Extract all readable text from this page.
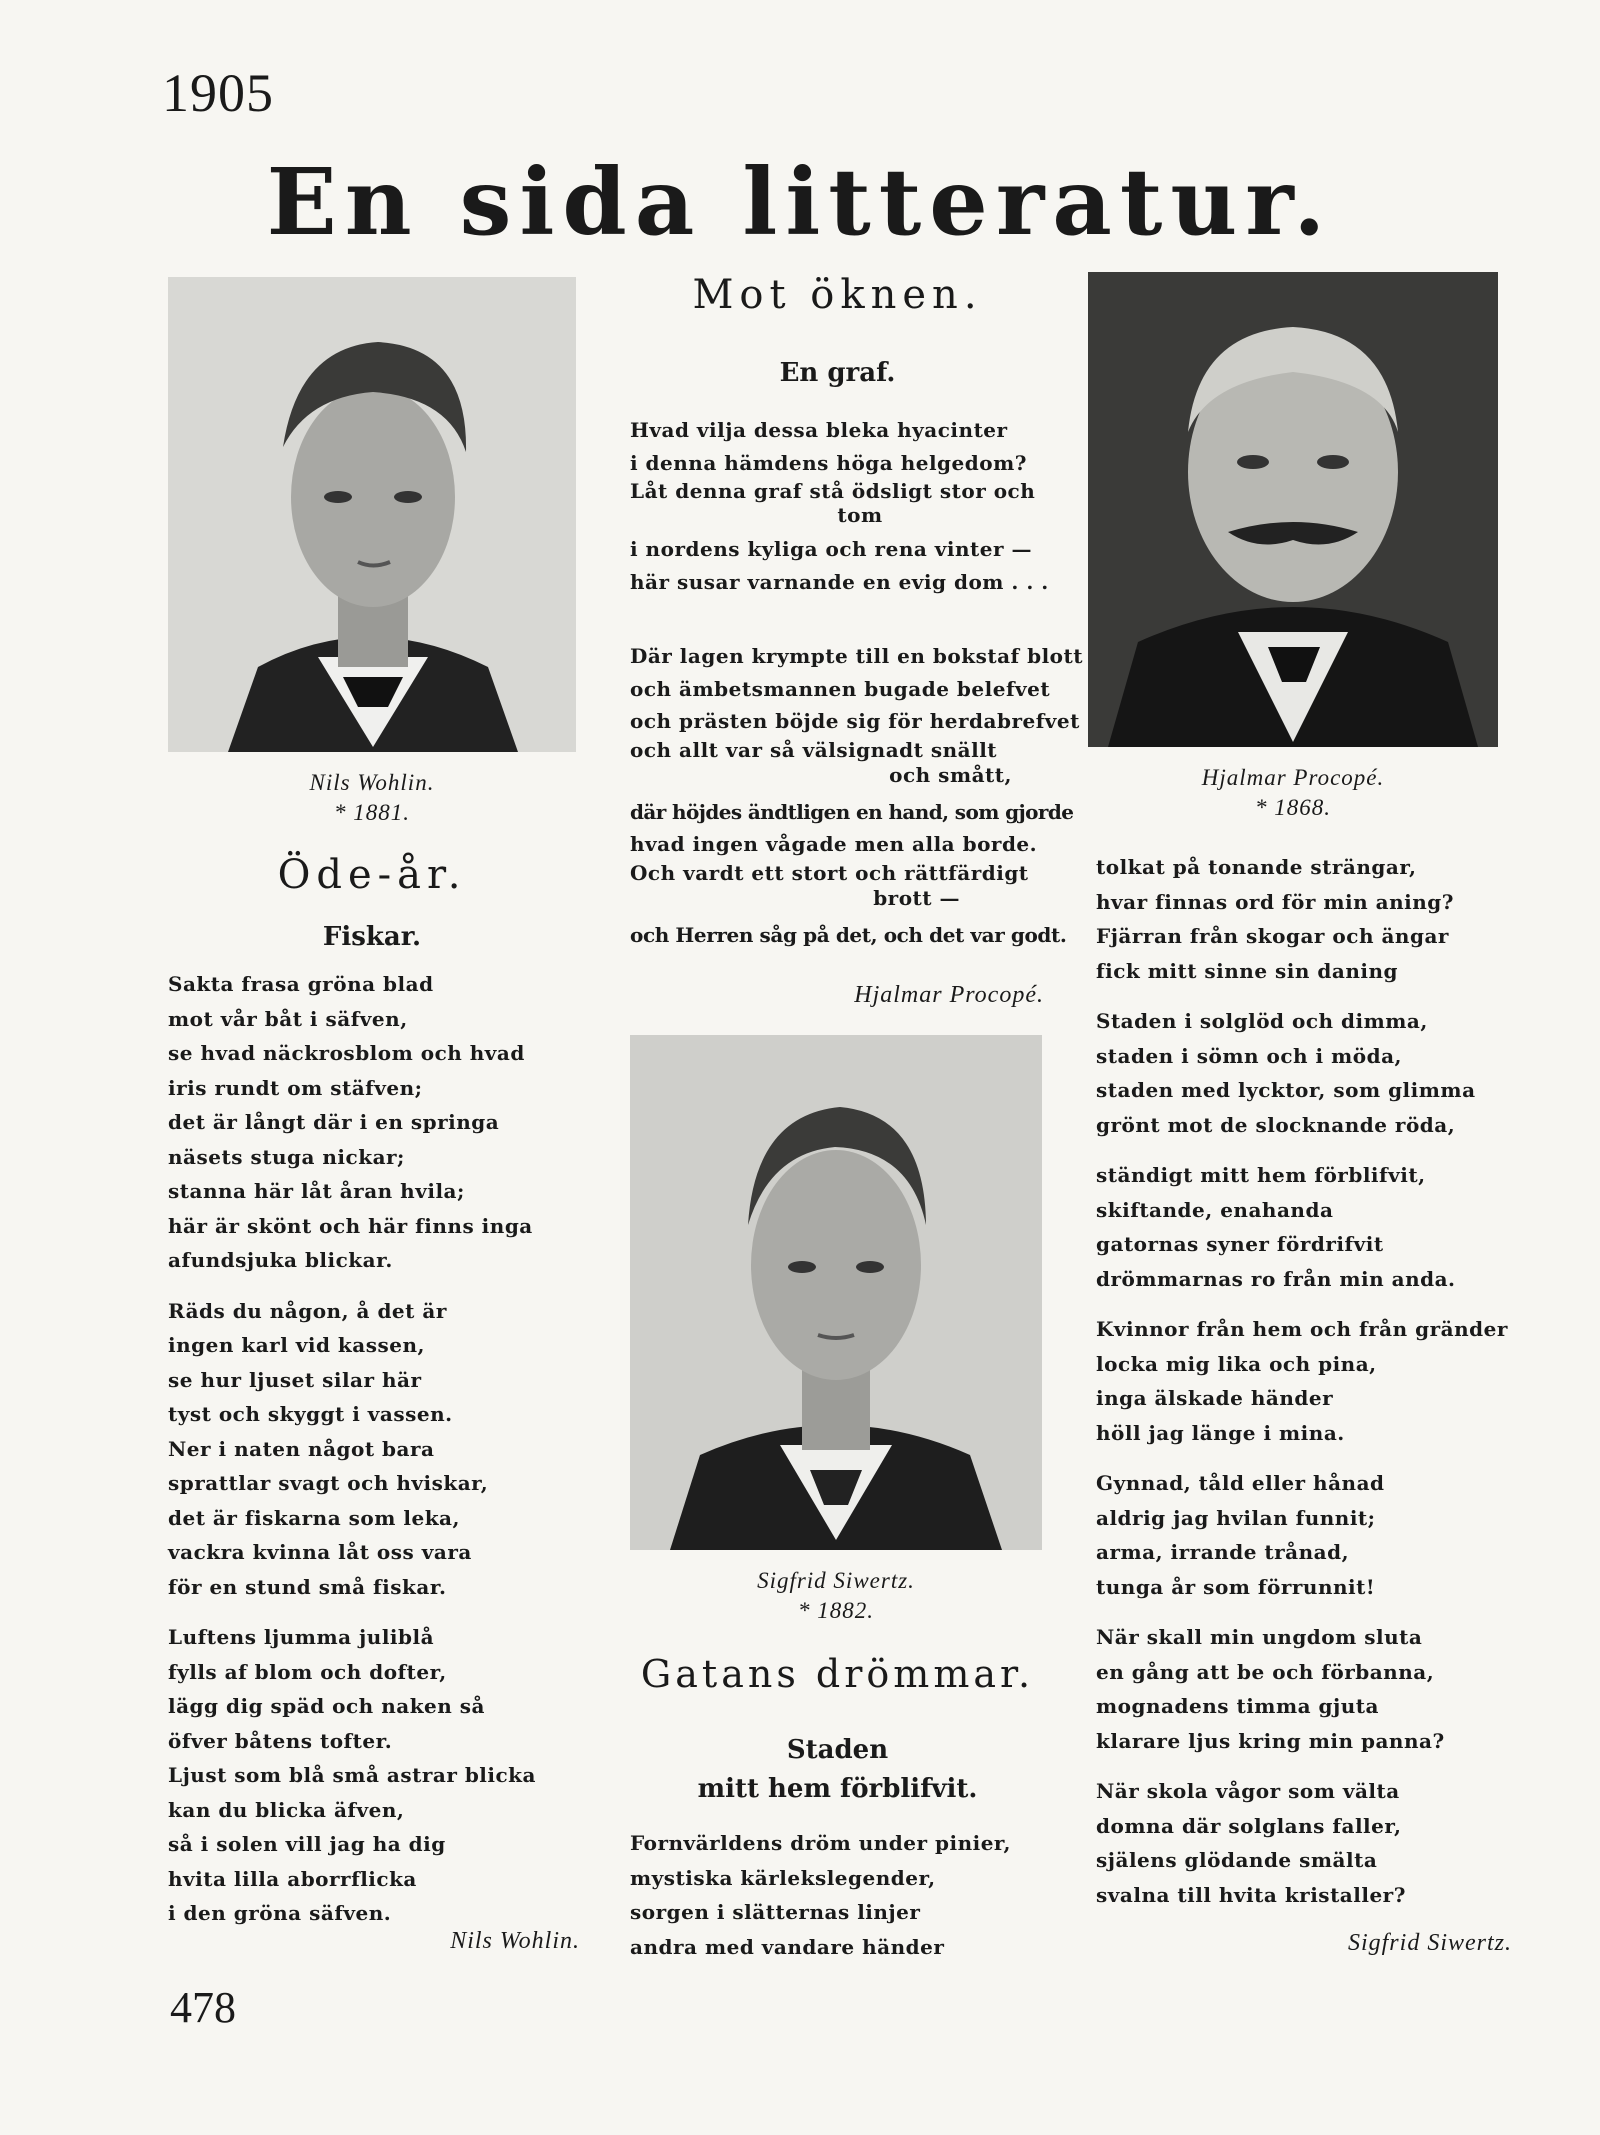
1905
En sida litteratur.
Nils Wohlin.
* 1881.
Öde-år.
Fiskar.
Sakta frasa gröna blad
mot vår båt i säfven,
se hvad näckrosblom och hvad
iris rundt om stäfven;
det är långt där i en springa
näsets stuga nickar;
stanna här låt åran hvila;
här är skönt och här finns inga
afundsjuka blickar.
Räds du någon, å det är
ingen karl vid kassen,
se hur ljuset silar här
tyst och skyggt i vassen.
Ner i naten något bara
sprattlar svagt och hviskar,
det är fiskarna som leka,
vackra kvinna låt oss vara
för en stund små fiskar.
Luftens ljumma juliblå
fylls af blom och dofter,
lägg dig späd och naken så
öfver båtens tofter.
Ljust som blå små astrar blicka
kan du blicka äfven,
så i solen vill jag ha dig
hvita lilla aborrflicka
i den gröna säfven.
Nils Wohlin.
Mot öknen.
En graf.
Hvad vilja dessa bleka hyacinter
i denna hämdens höga helgedom?
Låt denna graf stå ödsligt stor och
tom
i nordens kyliga och rena vinter —
här susar varnande en evig dom . . .
Där lagen krympte till en bokstaf blott
och ämbetsmannen bugade belefvet
och prästen böjde sig för herdabrefvet
och allt var så välsignadt snällt
och smått,
där höjdes ändtligen en hand, som gjorde
hvad ingen vågade men alla borde.
Och vardt ett stort och rättfärdigt
brott —
och Herren såg på det, och det var godt.
Hjalmar Procopé.
Sigfrid Siwertz.
* 1882.
Gatans drömmar.
Staden
mitt hem förblifvit.
Fornvärldens dröm under pinier,
mystiska kärlekslegender,
sorgen i slätternas linjer
andra med vandare händer
Hjalmar Procopé.
* 1868.
tolkat på tonande strängar,
hvar finnas ord för min aning?
Fjärran från skogar och ängar
fick mitt sinne sin daning
Staden i solglöd och dimma,
staden i sömn och i möda,
staden med lycktor, som glimma
grönt mot de slocknande röda,
ständigt mitt hem förblifvit,
skiftande, enahanda
gatornas syner fördrifvit
drömmarnas ro från min anda.
Kvinnor från hem och från gränder
locka mig lika och pina,
inga älskade händer
höll jag länge i mina.
Gynnad, tåld eller hånad
aldrig jag hvilan funnit;
arma, irrande trånad,
tunga år som förrunnit!
När skall min ungdom sluta
en gång att be och förbanna,
mognadens timma gjuta
klarare ljus kring min panna?
När skola vågor som välta
domna där solglans faller,
själens glödande smälta
svalna till hvita kristaller?
Sigfrid Siwertz.
478
